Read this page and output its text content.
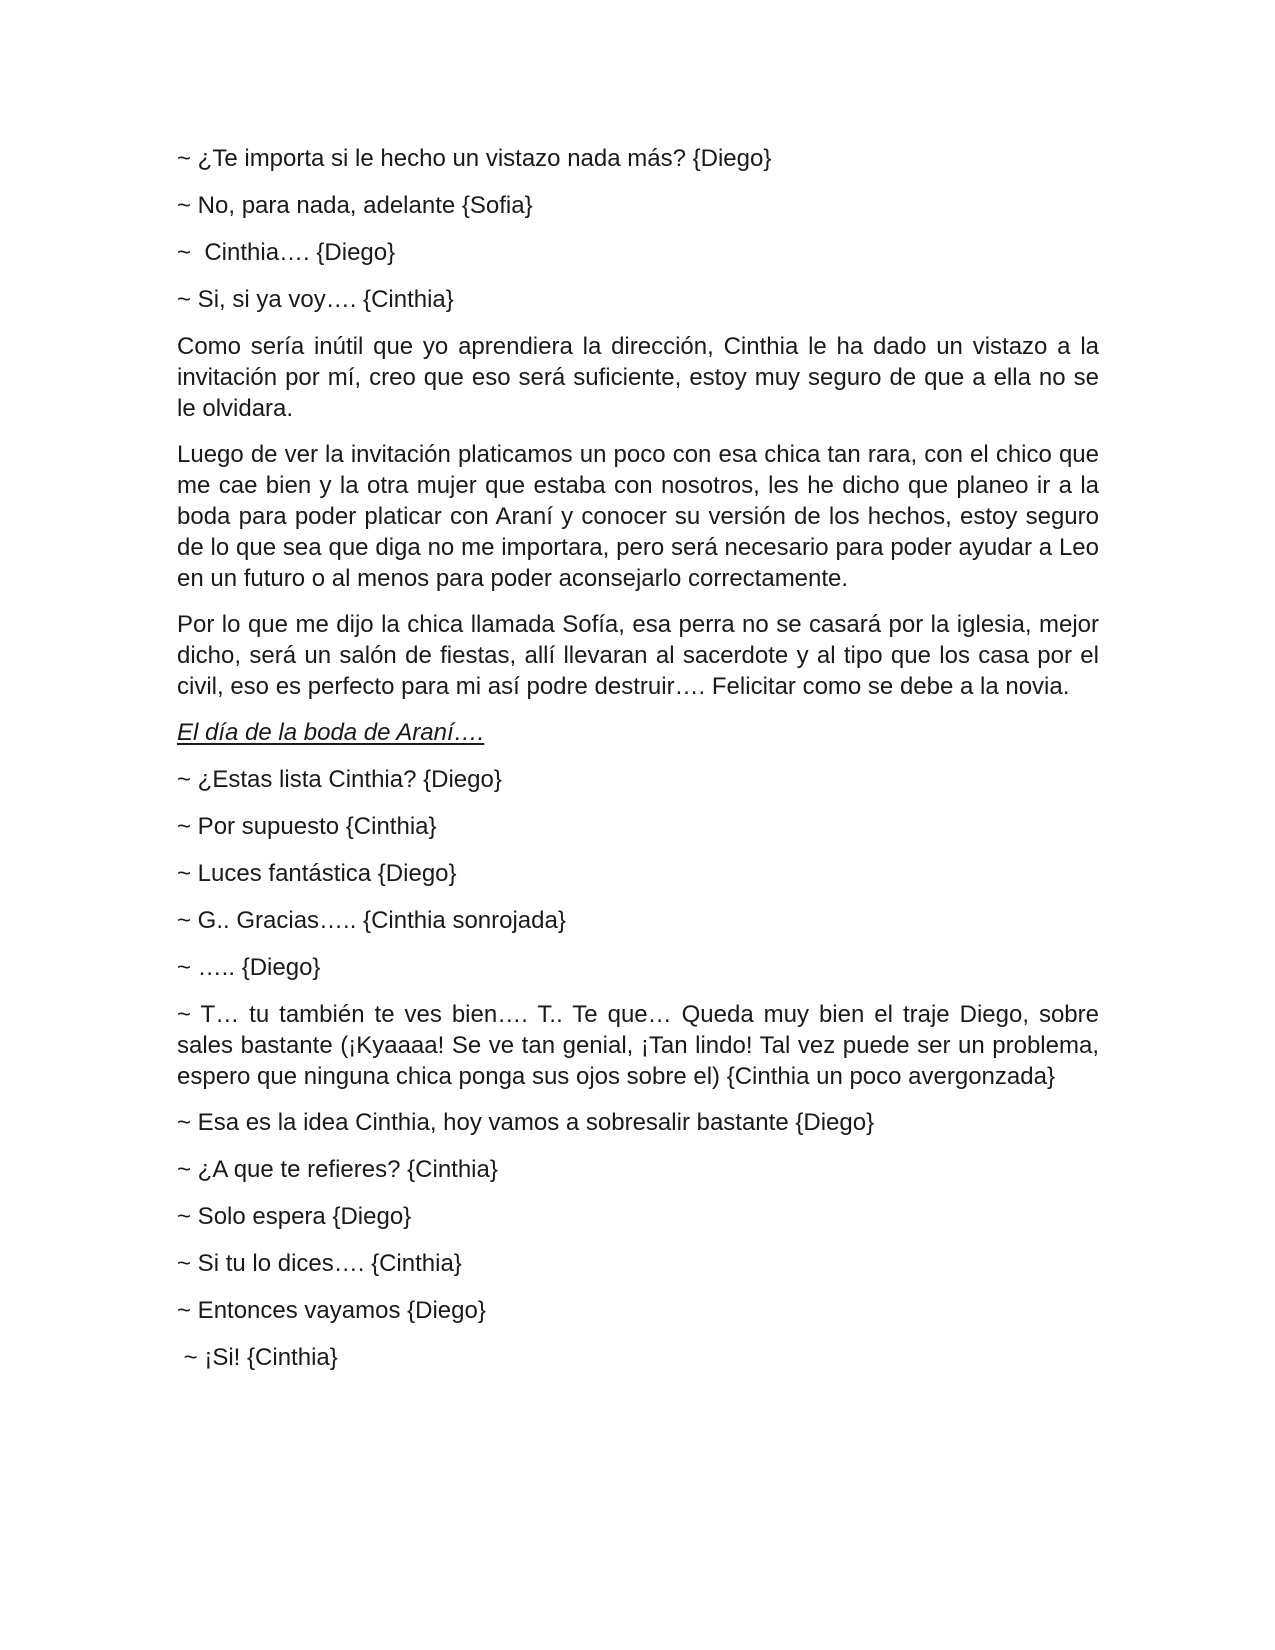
~ ¿Te importa si le hecho un vistazo nada más? {Diego}

~ No, para nada, adelante {Sofia}

~  Cinthia…. {Diego}

~ Si, si ya voy…. {Cinthia}

Como sería inútil que yo aprendiera la dirección, Cinthia le ha dado un vistazo a la invitación por mí, creo que eso será suficiente, estoy muy seguro de que a ella no se le olvidara.

Luego de ver la invitación platicamos un poco con esa chica tan rara, con el chico que me cae bien y la otra mujer que estaba con nosotros, les he dicho que planeo ir a la boda para poder platicar con Araní y conocer su versión de los hechos, estoy seguro de lo que sea que diga no me importara, pero será necesario para poder ayudar a Leo en un futuro o al menos para poder aconsejarlo correctamente.

Por lo que me dijo la chica llamada Sofía, esa perra no se casará por la iglesia, mejor dicho, será un salón de fiestas, allí llevaran al sacerdote y al tipo que los casa por el civil, eso es perfecto para mi así podre destruir…. Felicitar como se debe a la novia.

El día de la boda de Araní….

~ ¿Estas lista Cinthia? {Diego}

~ Por supuesto {Cinthia}

~ Luces fantástica {Diego}

~ G.. Gracias….. {Cinthia sonrojada}

~ ….. {Diego}

~ T… tu también te ves bien…. T.. Te que… Queda muy bien el traje Diego, sobre sales bastante (¡Kyaaaa! Se ve tan genial, ¡Tan lindo! Tal vez puede ser un problema, espero que ninguna chica ponga sus ojos sobre el) {Cinthia un poco avergonzada}

~ Esa es la idea Cinthia, hoy vamos a sobresalir bastante {Diego}

~ ¿A que te refieres? {Cinthia}

~ Solo espera {Diego}

~ Si tu lo dices…. {Cinthia}

~ Entonces vayamos {Diego}

~ ¡Si! {Cinthia}
